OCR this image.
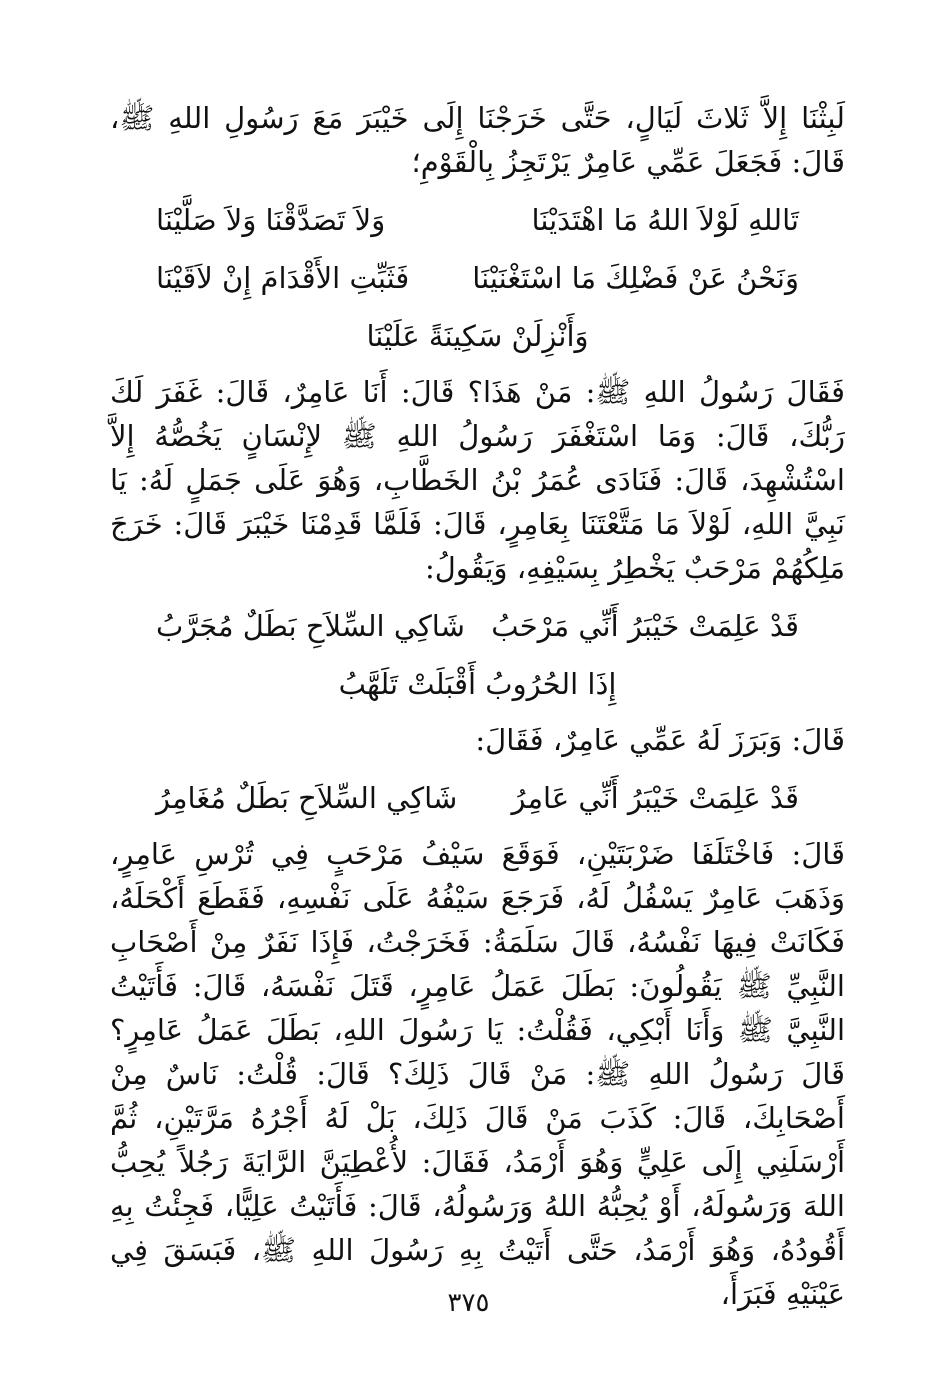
لَبِثْنَا إِلاَّ ثَلاثَ لَيَالٍ، حَتَّى خَرَجْنَا إِلَى خَيْبَرَ مَعَ رَسُولِ اللهِ ﷺ، قَالَ: فَجَعَلَ عَمِّي عَامِرٌ يَرْتَجِزُ بِالْقَوْمِ؛

تَاللهِ لَوْلاَ اللهُ مَا اهْتَدَيْنَا
وَلاَ تَصَدَّقْنَا وَلاَ صَلَّيْنَا
وَنَحْنُ عَنْ فَضْلِكَ مَا اسْتَغْنَيْنَا
فَثَبِّتِ الأَقْدَامَ إِنْ لاَقَيْنَا
وَأَنْزِلَنْ سَكِينَةً عَلَيْنَا

فَقَالَ رَسُولُ اللهِ ﷺ: مَنْ هَذَا؟ قَالَ: أَنَا عَامِرٌ، قَالَ: غَفَرَ لَكَ رَبُّكَ، قَالَ: وَمَا اسْتَغْفَرَ رَسُولُ اللهِ ﷺ لإِنْسَانٍ يَخُصُّهُ إِلاَّ اسْتُشْهِدَ، قَالَ: فَنَادَى عُمَرُ بْنُ الخَطَّابِ، وَهُوَ عَلَى جَمَلٍ لَهُ: يَا نَبِيَّ اللهِ، لَوْلاَ مَا مَتَّعْتَنَا بِعَامِرٍ، قَالَ: فَلَمَّا قَدِمْنَا خَيْبَرَ قَالَ: خَرَجَ مَلِكُهُمْ مَرْحَبٌ يَخْطِرُ بِسَيْفِهِ، وَيَقُولُ:

قَدْ عَلِمَتْ خَيْبَرُ أَنِّي مَرْحَبُ
شَاكِي السِّلاَحِ بَطَلٌ مُجَرَّبُ
إِذَا الحُرُوبُ أَقْبَلَتْ تَلَهَّبُ

قَالَ: وَبَرَزَ لَهُ عَمِّي عَامِرٌ، فَقَالَ:

قَدْ عَلِمَتْ خَيْبَرُ أَنِّي عَامِرُ
شَاكِي السِّلاَحِ بَطَلٌ مُغَامِرُ

قَالَ: فَاخْتَلَفَا ضَرْبَتَيْنِ، فَوَقَعَ سَيْفُ مَرْحَبٍ فِي تُرْسِ عَامِرٍ، وَذَهَبَ عَامِرٌ يَسْفُلُ لَهُ، فَرَجَعَ سَيْفُهُ عَلَى نَفْسِهِ، فَقَطَعَ أَكْحَلَهُ، فَكَانَتْ فِيهَا نَفْسُهُ، قَالَ سَلَمَةُ: فَخَرَجْتُ، فَإِذَا نَفَرٌ مِنْ أَصْحَابِ النَّبِيِّ ﷺ يَقُولُونَ: بَطَلَ عَمَلُ عَامِرٍ، قَتَلَ نَفْسَهُ، قَالَ: فَأَتَيْتُ النَّبِيَّ ﷺ وَأَنَا أَبْكِي، فَقُلْتُ: يَا رَسُولَ اللهِ، بَطَلَ عَمَلُ عَامِرٍ؟ قَالَ رَسُولُ اللهِ ﷺ: مَنْ قَالَ ذَلِكَ؟ قَالَ: قُلْتُ: نَاسٌ مِنْ أَصْحَابِكَ، قَالَ: كَذَبَ مَنْ قَالَ ذَلِكَ، بَلْ لَهُ أَجْرُهُ مَرَّتَيْنِ، ثُمَّ أَرْسَلَنِي إِلَى عَلِيٍّ وَهُوَ أَرْمَدُ، فَقَالَ: لأُعْطِيَنَّ الرَّايَةَ رَجُلاً يُحِبُّ اللهَ وَرَسُولَهُ، أَوْ يُحِبُّهُ اللهُ وَرَسُولُهُ، قَالَ: فَأَتَيْتُ عَلِيًّا، فَجِئْتُ بِهِ أَقُودُهُ، وَهُوَ أَرْمَدُ، حَتَّى أَتَيْتُ بِهِ رَسُولَ اللهِ ﷺ، فَبَسَقَ فِي عَيْنَيْهِ فَبَرَأَ،

٣٧٥
